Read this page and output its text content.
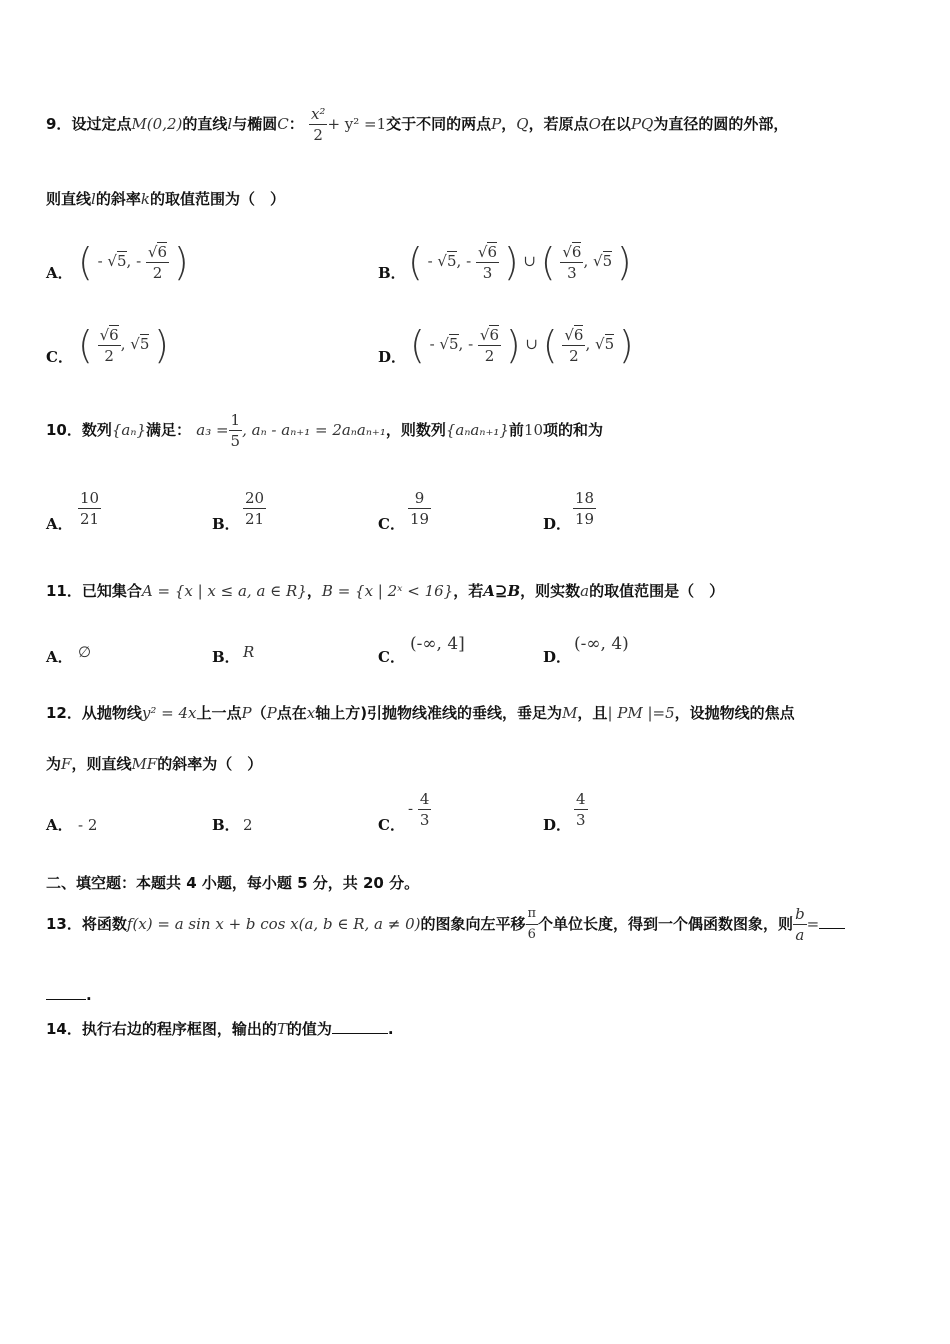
9．设过定点M(0,2)的直线l与椭圆C： $\frac{\text{x²}}{2} + y^2 =1$交于不同的两点P，Q，若原点O在以PQ为直径的圆的外部，
则直线l的斜率k的取值范围为（　）
A． ( - √5, - $\frac{√6}{2}$ )	B． ( - √5, - $\frac{√6}{3}$ ) ∪ ( $\frac{√6}{3}$ , √5 )
C． ( $\frac{√6}{2}$ , √5 )	D． ( - √5, - $\frac{√6}{2}$ ) ∪ ( $\frac{√6}{2}$ , √5 )
10．数列{aₙ}满足： $a_3 = \frac{1}{5}$ , aₙ - aₙ₊₁ = 2aₙaₙ₊₁，则数列{aₙaₙ₊₁}前10项的和为
A． $\frac{10}{21}$	B． $\frac{20}{21}$	C． $\frac{9}{19}$	D． $\frac{18}{19}$
11．已知集合A = {x | x ≤ a, a ∈ R}，B = {x | 2ˣ < 16}，若A⊇B，则实数a的取值范围是（　）
A． ∅	B． R	C．
(-∞, 4]
D．
(-∞, 4)
12．从抛物线y² = 4x上一点P（P点在x轴上方)引抛物线准线的垂线，垂足为M，且| PM |=5，设抛物线的焦点
为F，则直线MF的斜率为（　）
A． - 2	B． 2	C．
- $\frac{4}{3}$	D． $\frac{4}{3}$
二、填空题：本题共 4 小题，每小题 5 分，共 20 分。
13．将函数f(x) = a sin x + b cos x(a, b ∈ R, a ≠ 0)的图象向左平移 $\frac{\pi}{6}$ 个单位长度，得到一个偶函数图象，则 $\frac{b}{a}$ =
.
14．执行右边的程序框图，输出的T的值为	.
